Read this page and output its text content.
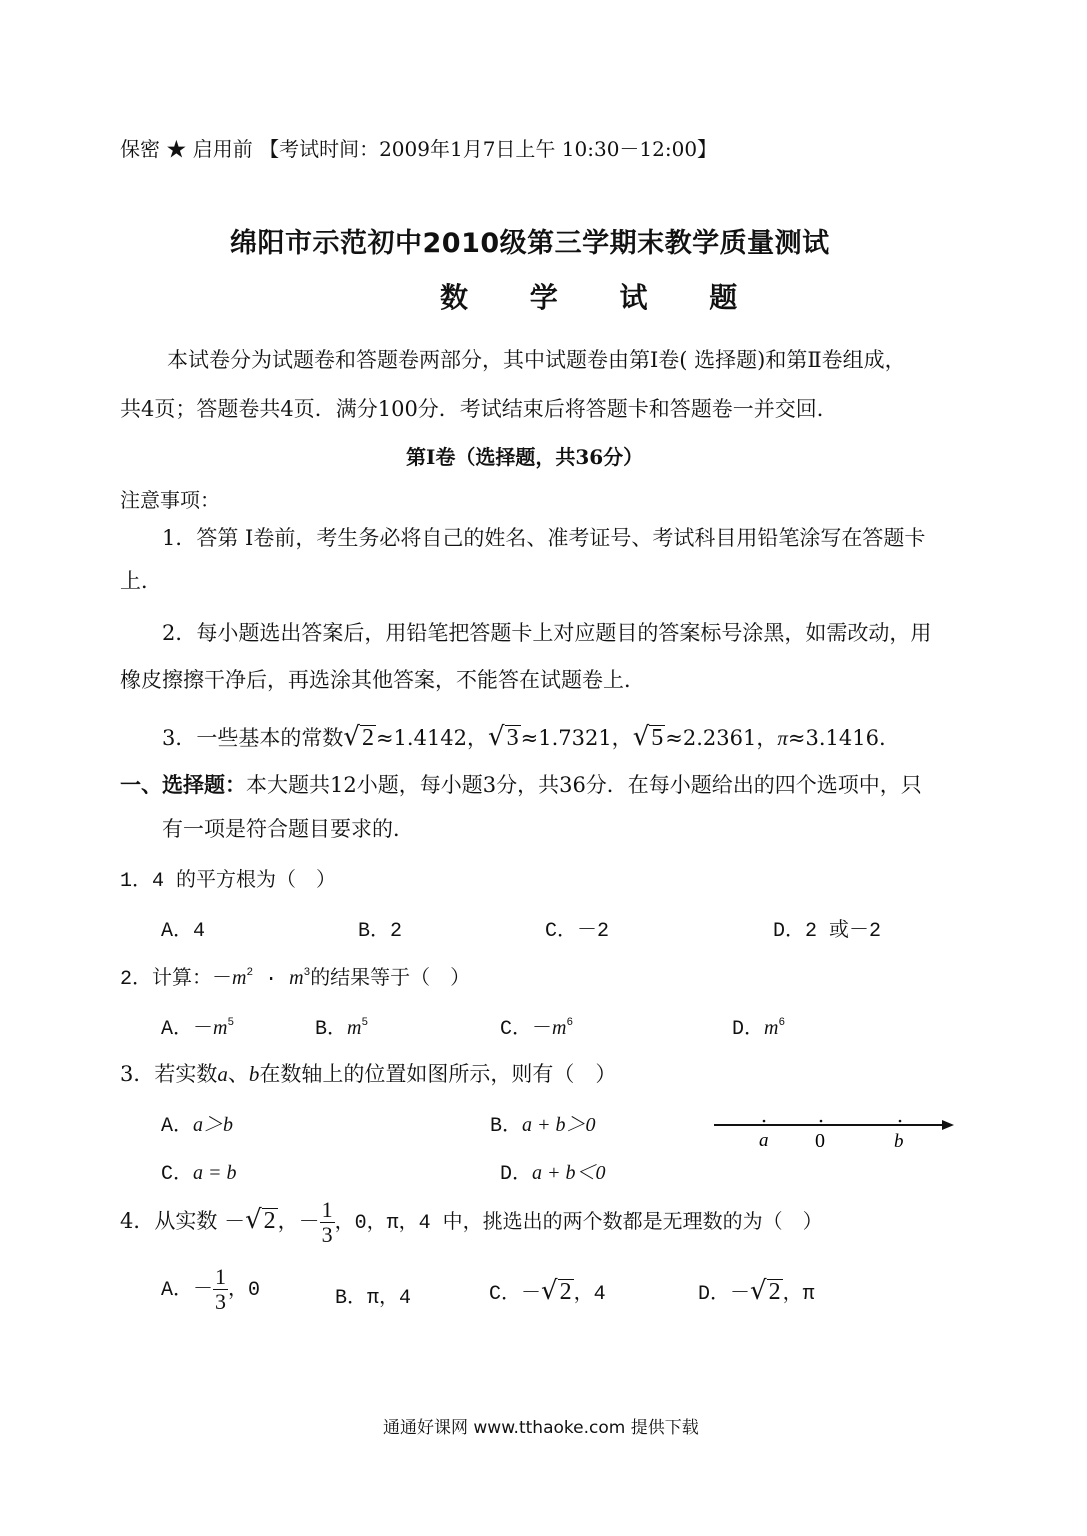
保密 ★ 启用前 【考试时间：2009年1月7日上午 10:30－12:00】
绵阳市示范初中2010级第三学期末教学质量测试
数 学 试 题
本试卷分为试题卷和答题卷两部分，其中试题卷由第Ⅰ卷( 选择题)和第Ⅱ卷组成，
共4页；答题卷共4页．满分100分．考试结束后将答题卡和答题卷一并交回．
第Ⅰ卷（选择题，共36分）
注意事项：
1．答第 Ⅰ卷前，考生务必将自己的姓名、准考证号、考试科目用铅笔涂写在答题卡
上．
2．每小题选出答案后，用铅笔把答题卡上对应题目的答案标号涂黑，如需改动，用
橡皮擦擦干净后，再选涂其他答案，不能答在试题卷上．
3．一些基本的常数√2≈1.4142，√3≈1.7321，√5≈2.2361，π≈3.1416.
一、选择题：本大题共12小题，每小题3分，共36分．在每小题给出的四个选项中，只
有一项是符合题目要求的．
1．4 的平方根为（　）
A．4	B．2	C．－2	D．2 或－2
2．计算：$-m^2 \cdot m^3$的结果等于（　）
A．$-m^5$	B．$m^5$	C．$-m^6$	D．$m^6$
3．若实数a、b在数轴上的位置如图所示，则有（　）
A．a＞b	B．a + b＞0
C．a = b	D．a + b＜0
a 0	b
4．从实数 －√2，－ $\frac{1}{3}$ ，0，π，4 中，挑选出的两个数都是无理数的为（　）
A．－ $\frac{1}{3}$ ，0	B．π，4	C．－√2 ，4	D．－√2 ，π
通通好课网 www.tthaoke.com 提供下载
